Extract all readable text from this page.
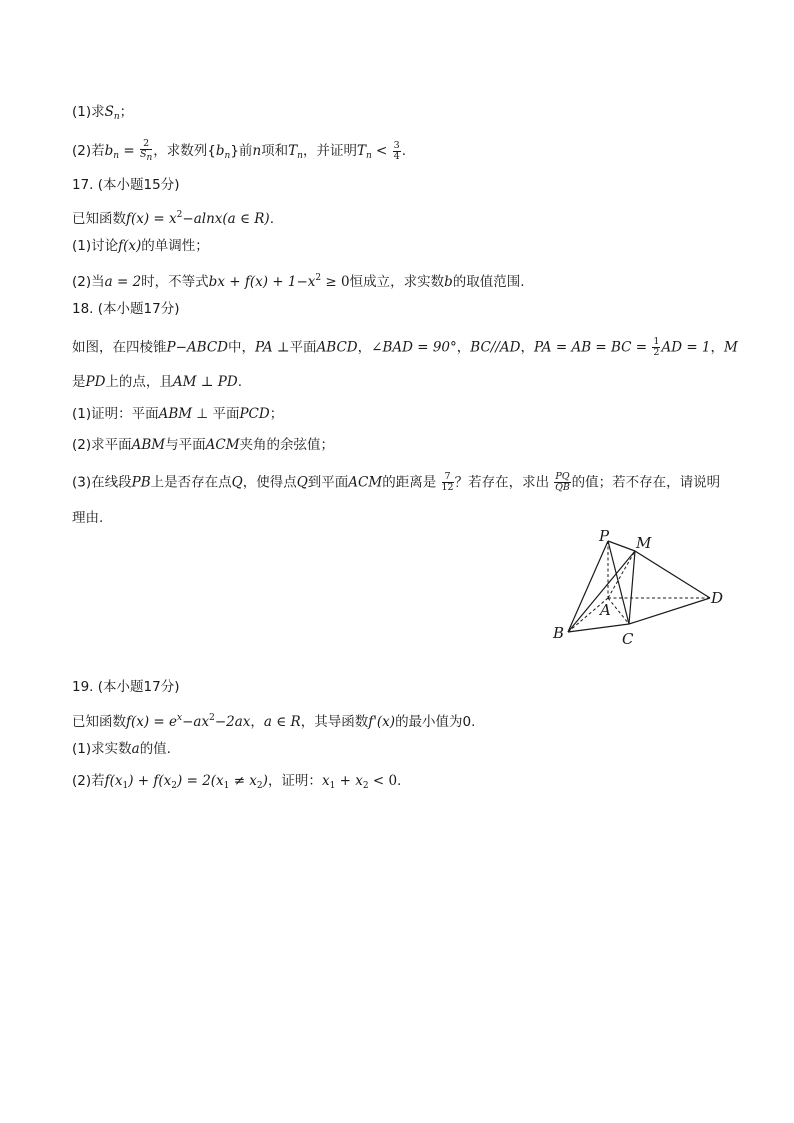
(1)求$S_n$；
(2)若$b_n = \frac{2}{S_n}$ ，求数列$\{b_n\}$前n项和$T_n$，并证明$T_n < \frac{3}{4}$ .
17. (本小题15分)
已知函数$f(x) = x^2-alnx(a$ ∈ R).
(1)讨论f(x)的单调性；
(2)当a = 2时，不等式bx + $f(x) + 1-x^2 \ge 0$恒成立，求实数b的取值范围.
18. (本小题17分)
如图，在四棱锥P−ABCD中，PA ⊥平面ABCD，∠BAD = 90°，BC//AD，PA = AB = BC = $\frac{1}{2}$ AD = 1，M
是PD上的点，且AM ⊥ PD.
(1)证明：平面ABM ⊥ 平面PCD；
(2)求平面ABM与平面ACM夹角的余弦值；
(3)在线段PB上是否存在点Q，使得点Q到平面ACM的距离是 $\frac{7}{12}$ ？若存在，求出 $\frac{PQ}{QB}$ 的值；若不存在，请说明
理由.
P M
D
A
B	C
19. (本小题17分)
已知函数$f(x) = e^x-ax^2-2ax$，a ∈ R，其导函数f'(x)的最小值为0.
(1)求实数a的值.
(2)若$f(x_1) + f(x_2) = 2(x_1 \ne x_2)$，证明：$x_1 + x_2 < 0$.
